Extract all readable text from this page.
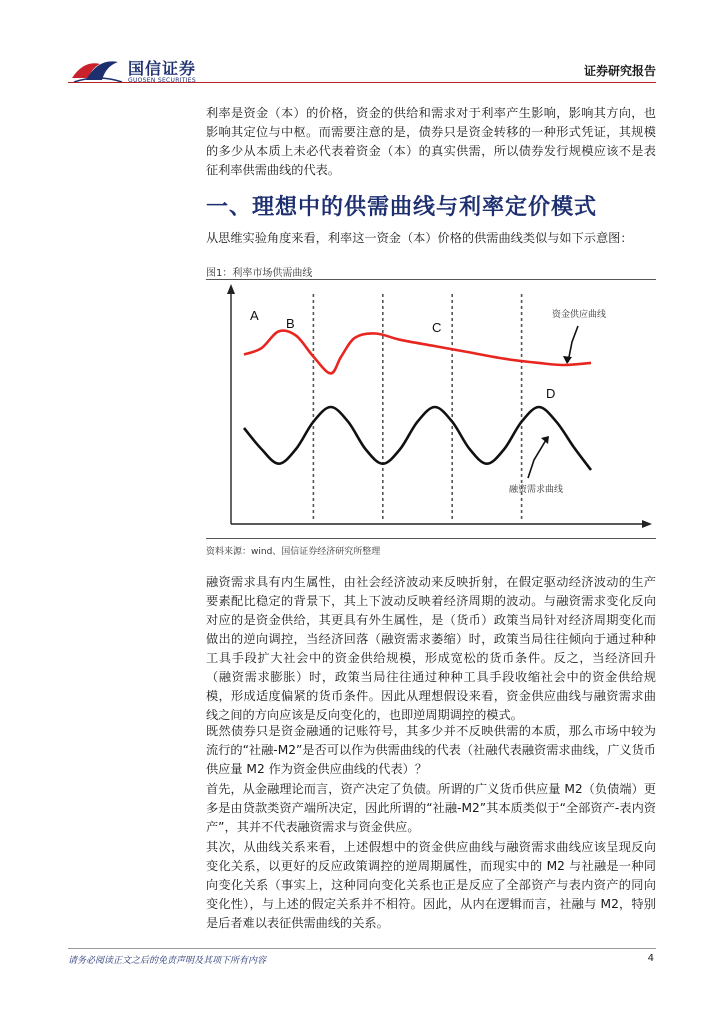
国信证券
GUOSEN SECURITIES
证券研究报告

利率是资金（本）的价格，资金的供给和需求对于利率产生影响，影响其方向，也影响其定位与中枢。而需要注意的是，债券只是资金转移的一种形式凭证，其规模的多少从本质上未必代表着资金（本）的真实供需，所以债券发行规模应该不是表征利率供需曲线的代表。

一、理想中的供需曲线与利率定价模式

从思维实验角度来看，利率这一资金（本）价格的供需曲线类似与如下示意图：

图1：利率市场供需曲线
A
B	C
D
资金供应曲线
融资需求曲线
资料来源：wind、国信证券经济研究所整理

融资需求具有内生属性，由社会经济波动来反映折射，在假定驱动经济波动的生产要素配比稳定的背景下，其上下波动反映着经济周期的波动。与融资需求变化反向对应的是资金供给，其更具有外生属性，是（货币）政策当局针对经济周期变化而做出的逆向调控，当经济回落（融资需求萎缩）时，政策当局往往倾向于通过种种工具手段扩大社会中的资金供给规模，形成宽松的货币条件。反之，当经济回升（融资需求膨胀）时，政策当局往往通过种种工具手段收缩社会中的资金供给规模，形成适度偏紧的货币条件。因此从理想假设来看，资金供应曲线与融资需求曲线之间的方向应该是反向变化的，也即逆周期调控的模式。

既然债券只是资金融通的记账符号，其多少并不反映供需的本质，那么市场中较为流行的“社融-M2”是否可以作为供需曲线的代表（社融代表融资需求曲线，广义货币供应量 M2 作为资金供应曲线的代表）？

首先，从金融理论而言，资产决定了负债。所谓的广义货币供应量 M2（负债端）更多是由贷款类资产端所决定，因此所谓的“社融-M2”其本质类似于“全部资产-表内资产”，其并不代表融资需求与资金供应。

其次，从曲线关系来看，上述假想中的资金供应曲线与融资需求曲线应该呈现反向变化关系，以更好的反应政策调控的逆周期属性，而现实中的 M2 与社融是一种同向变化关系（事实上，这种同向变化关系也正是反应了全部资产与表内资产的同向变化性），与上述的假定关系并不相符。因此，从内在逻辑而言，社融与 M2，特别是后者难以表征供需曲线的关系。

请务必阅读正文之后的免责声明及其项下所有内容	4
